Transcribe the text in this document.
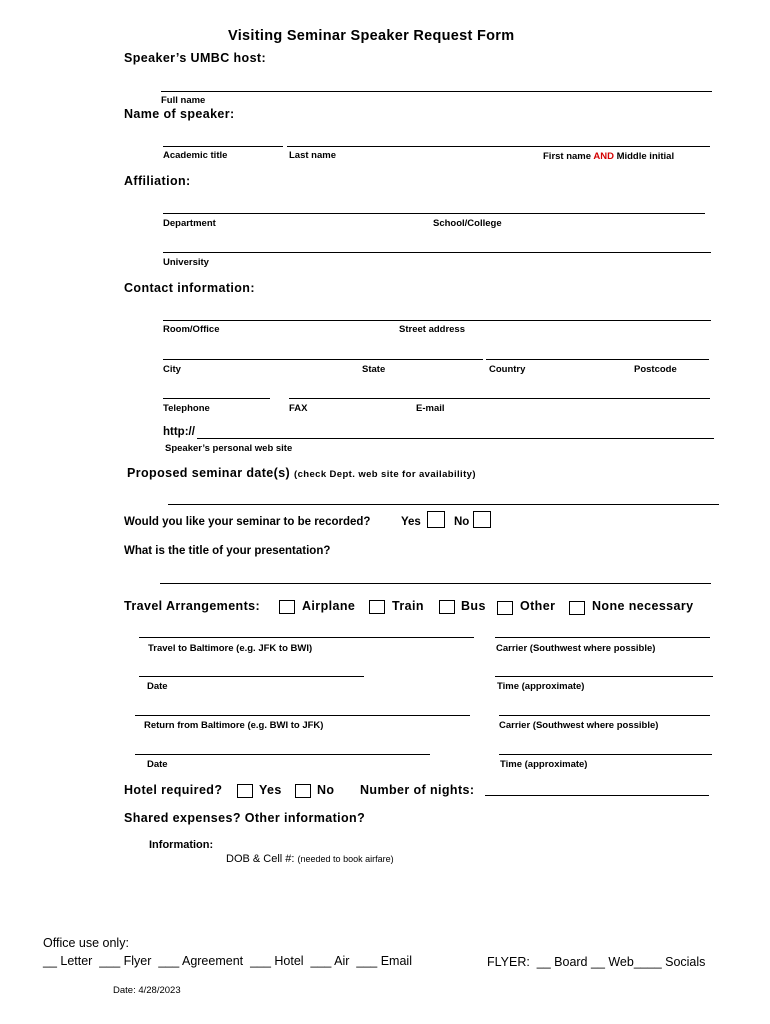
Visiting Seminar Speaker Request Form
Speaker’s UMBC host:
Full name
Name of speaker:
Academic title	Last name	First name AND Middle initial
Affiliation:
Department	School/College
University
Contact information:
Room/Office	Street address
City	State	Country	Postcode
Telephone	FAX	E-mail
http://
Speaker’s personal web site
Proposed seminar date(s) (check Dept. web site for availability)
Would you like your seminar to be recorded?	Yes	No
What is the title of your presentation?
Travel Arrangements:	Airplane	Train	Bus	Other	None necessary
Travel to Baltimore (e.g. JFK to BWI)	Carrier (Southwest where possible)
Date	Time (approximate)
Return from Baltimore (e.g. BWI to JFK)	Carrier (Southwest where possible)
Date	Time (approximate)
Hotel required?	Yes	No Number of nights:
Shared expenses? Other information?
Information:
DOB & Cell #: (needed to book airfare)
Office use only:
__ Letter  ___ Flyer  ___ Agreement  ___ Hotel  ___ Air  ___ Email	FLYER:  __ Board __ Web____ Socials
Date: 4/28/2023
